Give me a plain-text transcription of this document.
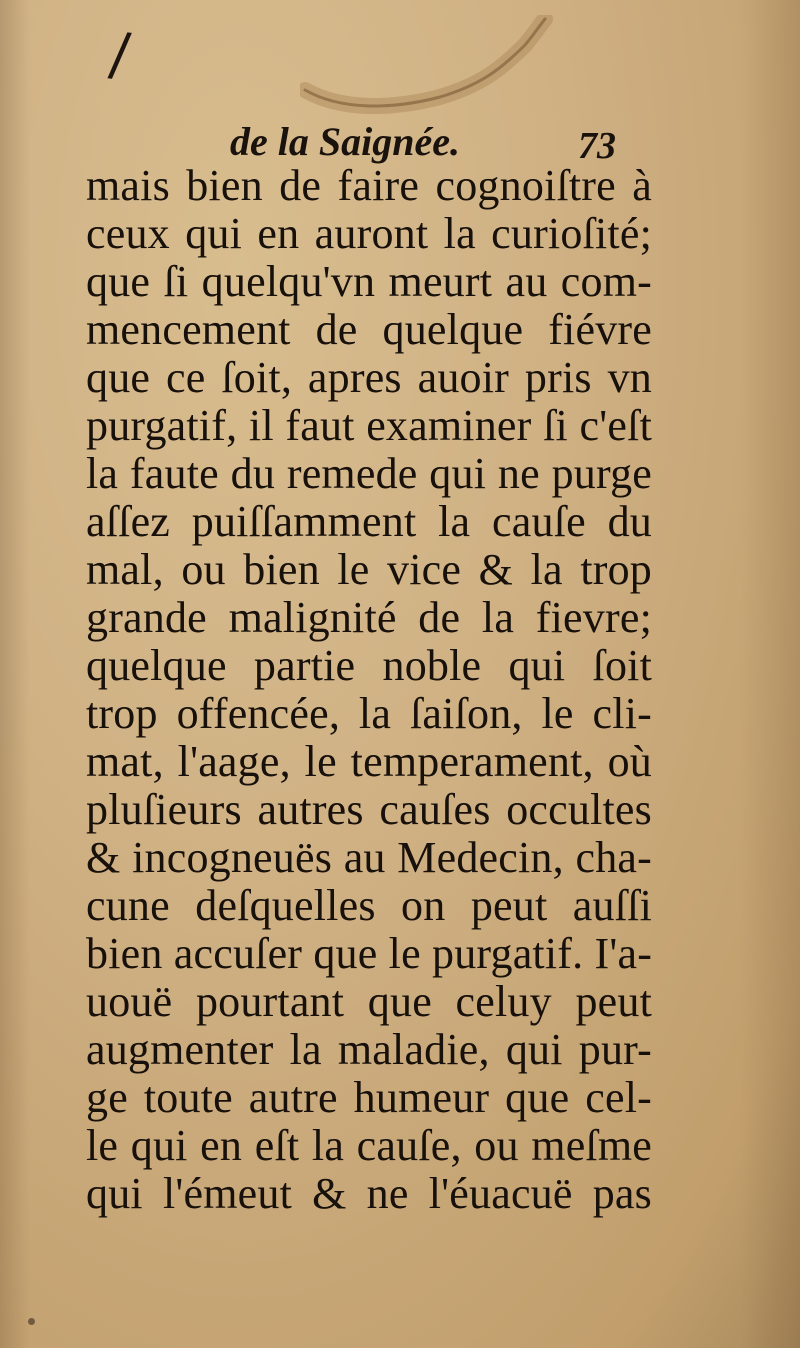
/
de la Saignée.	73
mais bien de faire cognoiſtre à
ceux qui en auront la curioſité;
que ſi quelqu'vn meurt au com-
mencement de quelque fiévre
que ce ſoit, apres auoir pris vn
purgatif, il faut examiner ſi c'eſt
la faute du remede qui ne purge
aſſez puiſſamment la cauſe du
mal, ou bien le vice & la trop
grande malignité de la fievre;
quelque partie noble qui ſoit
trop offencée, la ſaiſon, le cli-
mat, l'aage, le temperament, où
pluſieurs autres cauſes occultes
& incogneuës au Medecin, cha-
cune deſquelles on peut auſſi
bien accuſer que le purgatif. I'a-
uouë pourtant que celuy peut
augmenter la maladie, qui pur-
ge toute autre humeur que cel-
le qui en eſt la cauſe, ou meſme
qui l'émeut & ne l'éuacuë pas
